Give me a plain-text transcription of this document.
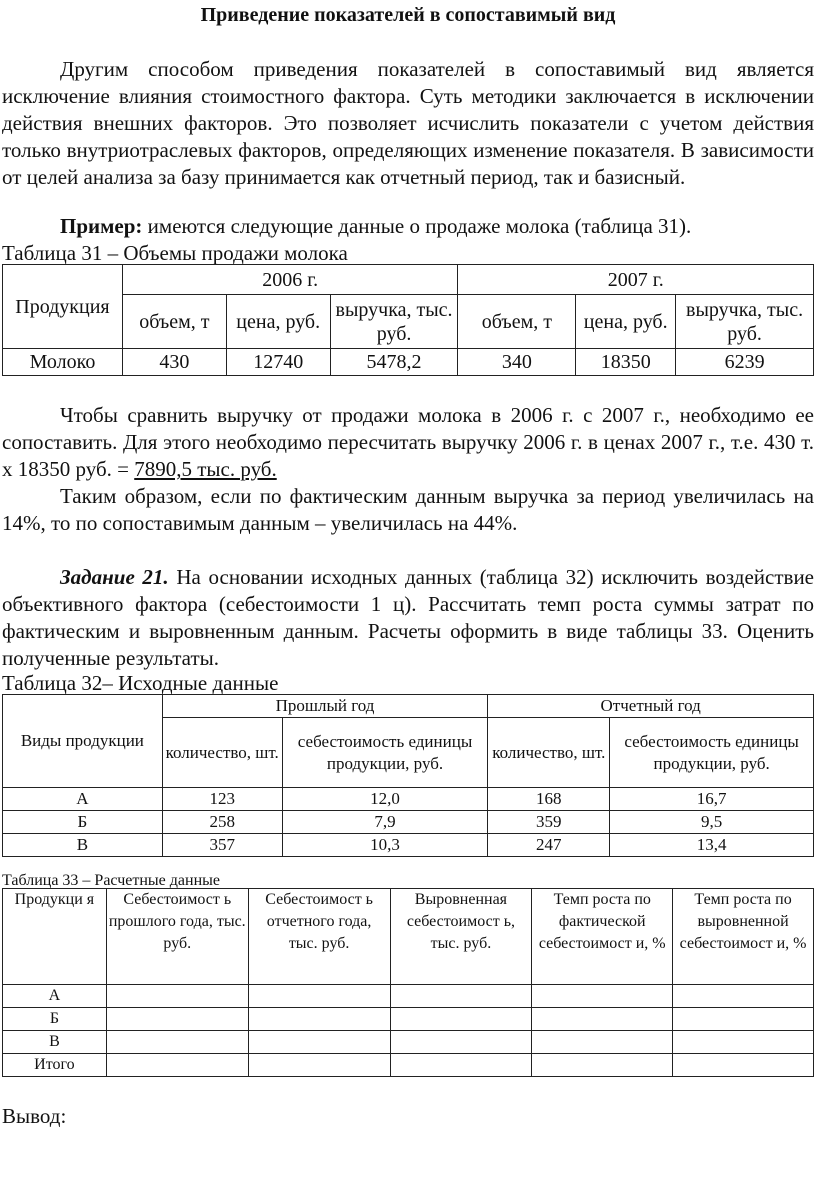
Приведение показателей в сопоставимый вид
Другим способом приведения показателей в сопоставимый вид является исключение влияния стоимостного фактора. Суть методики заключается в исключении действия внешних факторов. Это позволяет исчислить показатели с учетом действия только внутриотраслевых факторов, определяющих изменение показателя. В зависимости от целей анализа за базу принимается как отчетный период, так и базисный.
Пример: имеются следующие данные о продаже молока (таблица 31).
Таблица 31 – Объемы продажи молока
Продукция	2006 г.			2007 г.		
	объем, т	цена, руб.	выручка, тыс. руб.	объем, т	цена, руб.	выручка, тыс. руб.
Молоко	430	12740	5478,2	340	18350	6239
Чтобы сравнить выручку от продажи молока в 2006 г. с 2007 г., необходимо ее сопоставить. Для этого необходимо пересчитать выручку 2006 г. в ценах 2007 г., т.е. 430 т. х 18350 руб. = 7890,5 тыс. руб.
Таким образом, если по фактическим данным выручка за период увеличилась на 14%, то по сопоставимым данным – увеличилась на 44%.
Задание 21. На основании исходных данных (таблица 32) исключить воздействие объективного фактора (себестоимости 1 ц). Рассчитать темп роста суммы затрат по фактическим и выровненным данным. Расчеты оформить в виде таблицы 33. Оценить полученные результаты.
Таблица 32– Исходные данные
Виды продукции	Прошлый год		Отчетный год	
	количество, шт.	себестоимость единицы продукции, руб.	количество, шт.	себестоимость единицы продукции, руб.
А	123	12,0	168	16,7
Б	258	7,9	359	9,5
В	357	10,3	247	13,4
Таблица 33 – Расчетные данные
Продукци я	Себестоимост ь прошлого года, тыс. руб.	Себестоимост ь отчетного года, тыс. руб.	Выровненная себестоимост ь, тыс. руб.	Темп роста по фактической себестоимост и, %	Темп роста по выровненной себестоимост и, %
А					
Б					
В					
Итого					
Вывод:
